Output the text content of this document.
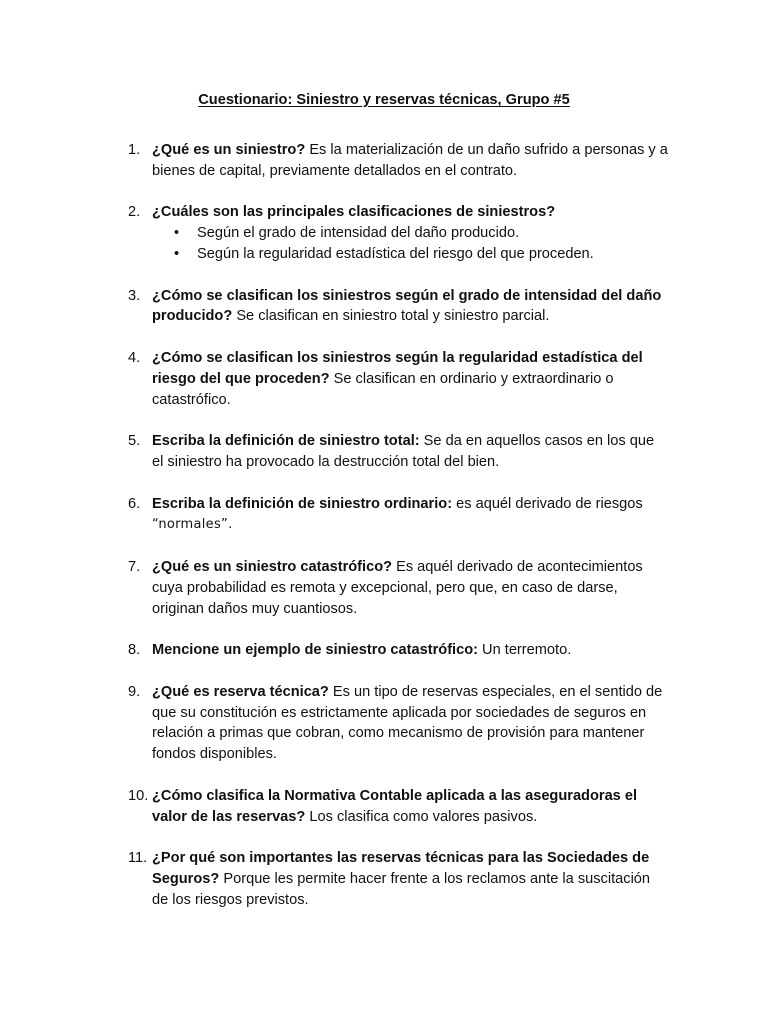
Cuestionario: Siniestro y reservas técnicas, Grupo #5
1. ¿Qué es un siniestro? Es la materialización de un daño sufrido a personas y a bienes de capital, previamente detallados en el contrato.
2. ¿Cuáles son las principales clasificaciones de siniestros?
• Según el grado de intensidad del daño producido.
• Según la regularidad estadística del riesgo del que proceden.
3. ¿Cómo se clasifican los siniestros según el grado de intensidad del daño producido? Se clasifican en siniestro total y siniestro parcial.
4. ¿Cómo se clasifican los siniestros según la regularidad estadística del riesgo del que proceden? Se clasifican en ordinario y extraordinario o catastrófico.
5. Escriba la definición de siniestro total: Se da en aquellos casos en los que el siniestro ha provocado la destrucción total del bien.
6. Escriba la definición de siniestro ordinario: es aquél derivado de riesgos “normales”.
7. ¿Qué es un siniestro catastrófico? Es aquél derivado de acontecimientos cuya probabilidad es remota y excepcional, pero que, en caso de darse, originan daños muy cuantiosos.
8. Mencione un ejemplo de siniestro catastrófico: Un terremoto.
9. ¿Qué es reserva técnica? Es un tipo de reservas especiales, en el sentido de que su constitución es estrictamente aplicada por sociedades de seguros en relación a primas que cobran, como mecanismo de provisión para mantener fondos disponibles.
10. ¿Cómo clasifica la Normativa Contable aplicada a las aseguradoras el valor de las reservas? Los clasifica como valores pasivos.
11. ¿Por qué son importantes las reservas técnicas para las Sociedades de Seguros? Porque les permite hacer frente a los reclamos ante la suscitación de los riesgos previstos.
